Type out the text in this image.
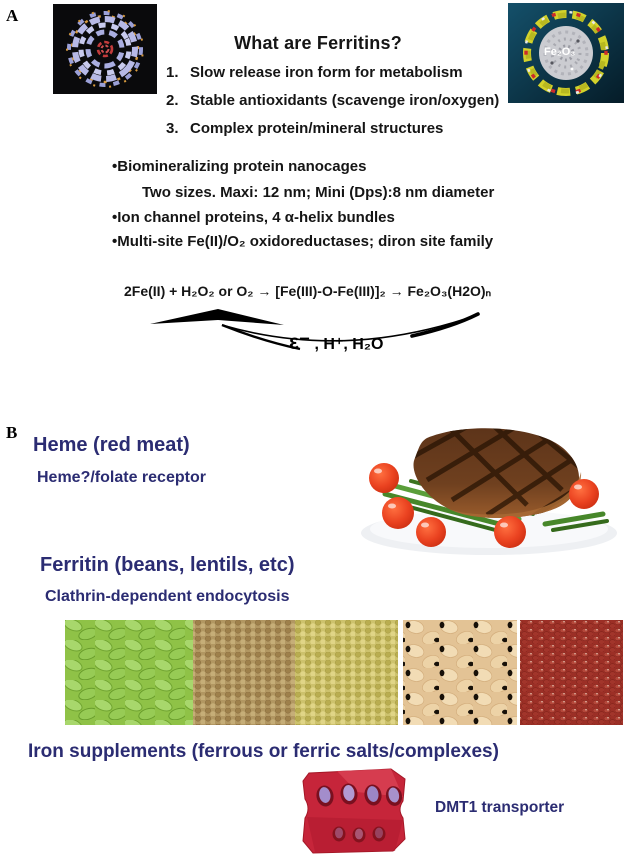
A
What are Ferritins?
1. Slow release iron form for metabolism
2. Stable antioxidants (scavenge iron/oxygen)
3. Complex protein/mineral structures
Fe₂O₃
•Biomineralizing protein nanocages
Two sizes. Maxi: 12 nm; Mini (Dps):8 nm diameter
•Ion channel proteins, 4 α-helix bundles
•Multi-site Fe(II)/O₂ oxidoreductases; diron site family
2Fe(II) + H₂O₂ or O₂ → [Fe(III)-O-Fe(III)]₂ → Fe₂O₃(H2O)ₙ
ε⁻ , H⁺, H₂O
B
Heme (red meat)
Heme?/folate receptor
Ferritin (beans, lentils, etc)
Clathrin-dependent endocytosis
Iron supplements (ferrous or ferric salts/complexes)
DMT1 transporter
